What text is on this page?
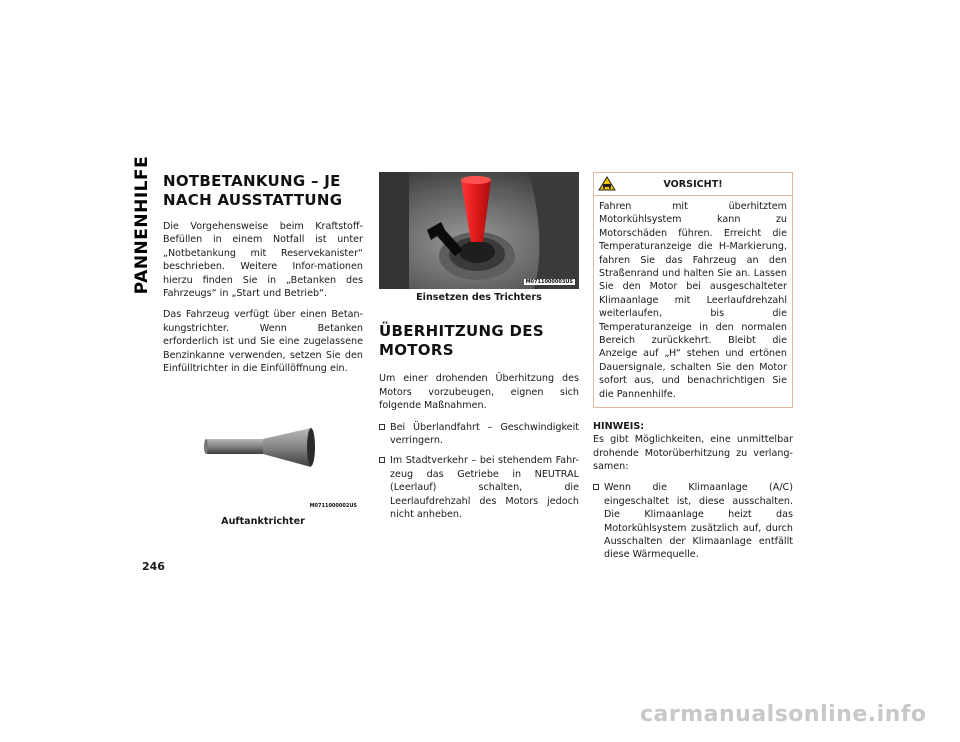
PANNENHILFE NOTBETANKUNG – JE NACH AUSSTATTUNG

Die Vorgehensweise beim Kraftstoff-Befüllen in einem Notfall ist unter „Notbetankung mit Reservekanister“ beschrieben. Weitere Infor-mationen hierzu finden Sie in „Betanken des Fahrzeugs“ in „Start und Betrieb“.

Das Fahrzeug verfügt über einen Betan-kungstrichter. Wenn Betanken erforderlich ist und Sie eine zugelassene Benzinkanne verwenden, setzen Sie den Einfülltrichter in die Einfüllöffnung ein.

M0711000002US

Auftanktrichter

M0711000003US

Einsetzen des Trichters

ÜBERHITZUNG DES MOTORS

Um einer drohenden Überhitzung des Motors vorzubeugen, eignen sich folgende Maßnahmen.

Bei Überlandfahrt – Geschwindigkeit verringern.
Im Stadtverkehr – bei stehendem Fahr-zeug das Getriebe in NEUTRAL (Leerlauf) schalten, die Leerlaufdrehzahl des Motors jedoch nicht anheben.
VORSICHT!

Fahren mit überhitztem Motorkühlsystem kann zu Motorschäden führen. Erreicht die Temperaturanzeige die H-Markierung, fahren Sie das Fahrzeug an den Straßenrand und halten Sie an. Lassen Sie den Motor bei ausgeschalteter Klimaanlage mit Leerlaufdrehzahl weiterlaufen, bis die Temperaturanzeige in den normalen Bereich zurückkehrt. Bleibt die Anzeige auf „H“ stehen und ertönen Dauersignale, schalten Sie den Motor sofort aus, und benachrichtigen Sie die Pannenhilfe.

HINWEIS:

Es gibt Möglichkeiten, eine unmittelbar drohende Motorüberhitzung zu verlang-samen:

Wenn die Klimaanlage (A/C) eingeschaltet ist, diese ausschalten. Die Klimaanlage heizt das Motorkühlsystem zusätzlich auf, durch Ausschalten der Klimaanlage entfällt diese Wärmequelle.
246
carmanualsonline.info
